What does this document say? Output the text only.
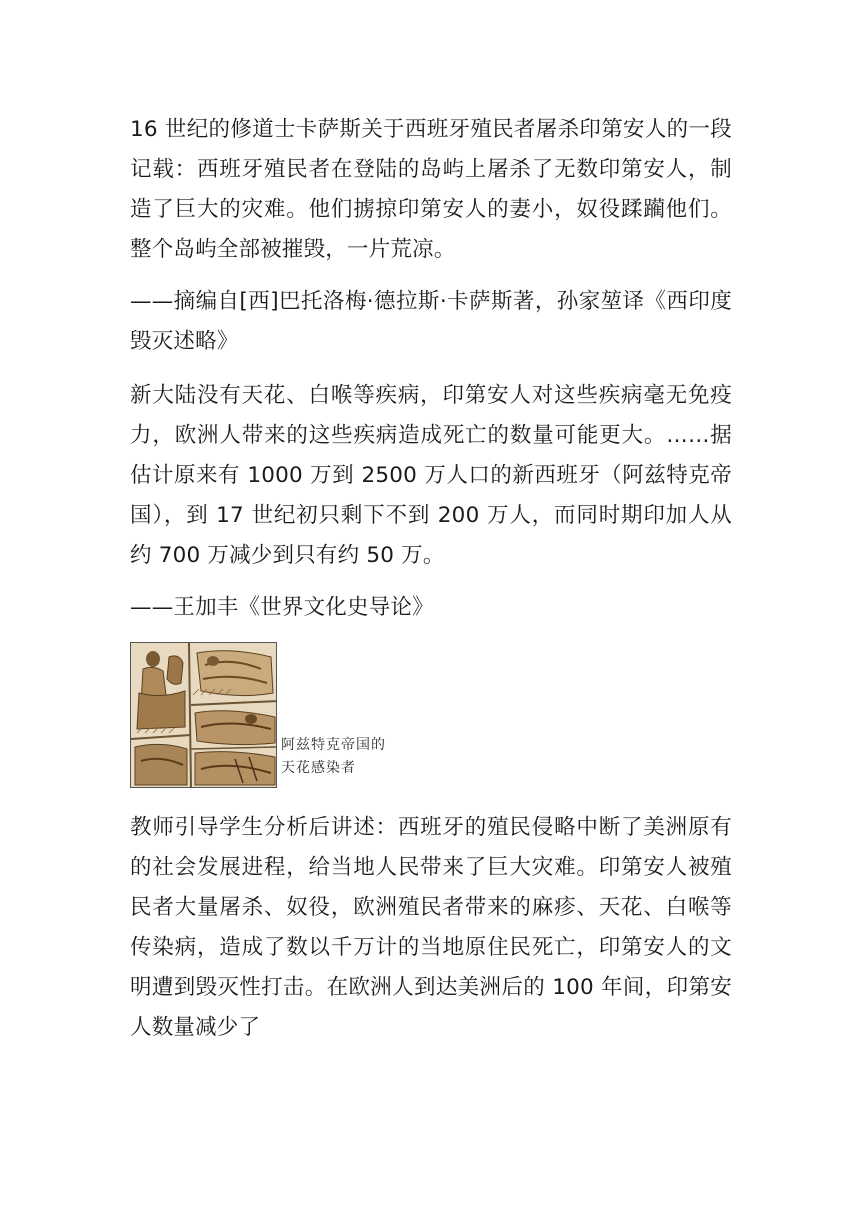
16 世纪的修道士卡萨斯关于西班牙殖民者屠杀印第安人的一段记载：西班牙殖民者在登陆的岛屿上屠杀了无数印第安人，制造了巨大的灾难。他们掳掠印第安人的妻小，奴役蹂躏他们。整个岛屿全部被摧毁，一片荒凉。

——摘编自[西]巴托洛梅·德拉斯·卡萨斯著，孙家堃译《西印度毁灭述略》

新大陆没有天花、白喉等疾病，印第安人对这些疾病毫无免疫力，欧洲人带来的这些疾病造成死亡的数量可能更大。……据估计原来有 1000 万到 2500 万人口的新西班牙（阿兹特克帝国），到 17 世纪初只剩下不到 200 万人，而同时期印加人从约 700 万减少到只有约 50 万。

——王加丰《世界文化史导论》

阿兹特克帝国的
天花感染者

教师引导学生分析后讲述：西班牙的殖民侵略中断了美洲原有的社会发展进程，给当地人民带来了巨大灾难。印第安人被殖民者大量屠杀、奴役，欧洲殖民者带来的麻疹、天花、白喉等传染病，造成了数以千万计的当地原住民死亡，印第安人的文明遭到毁灭性打击。在欧洲人到达美洲后的 100 年间，印第安人数量减少了
